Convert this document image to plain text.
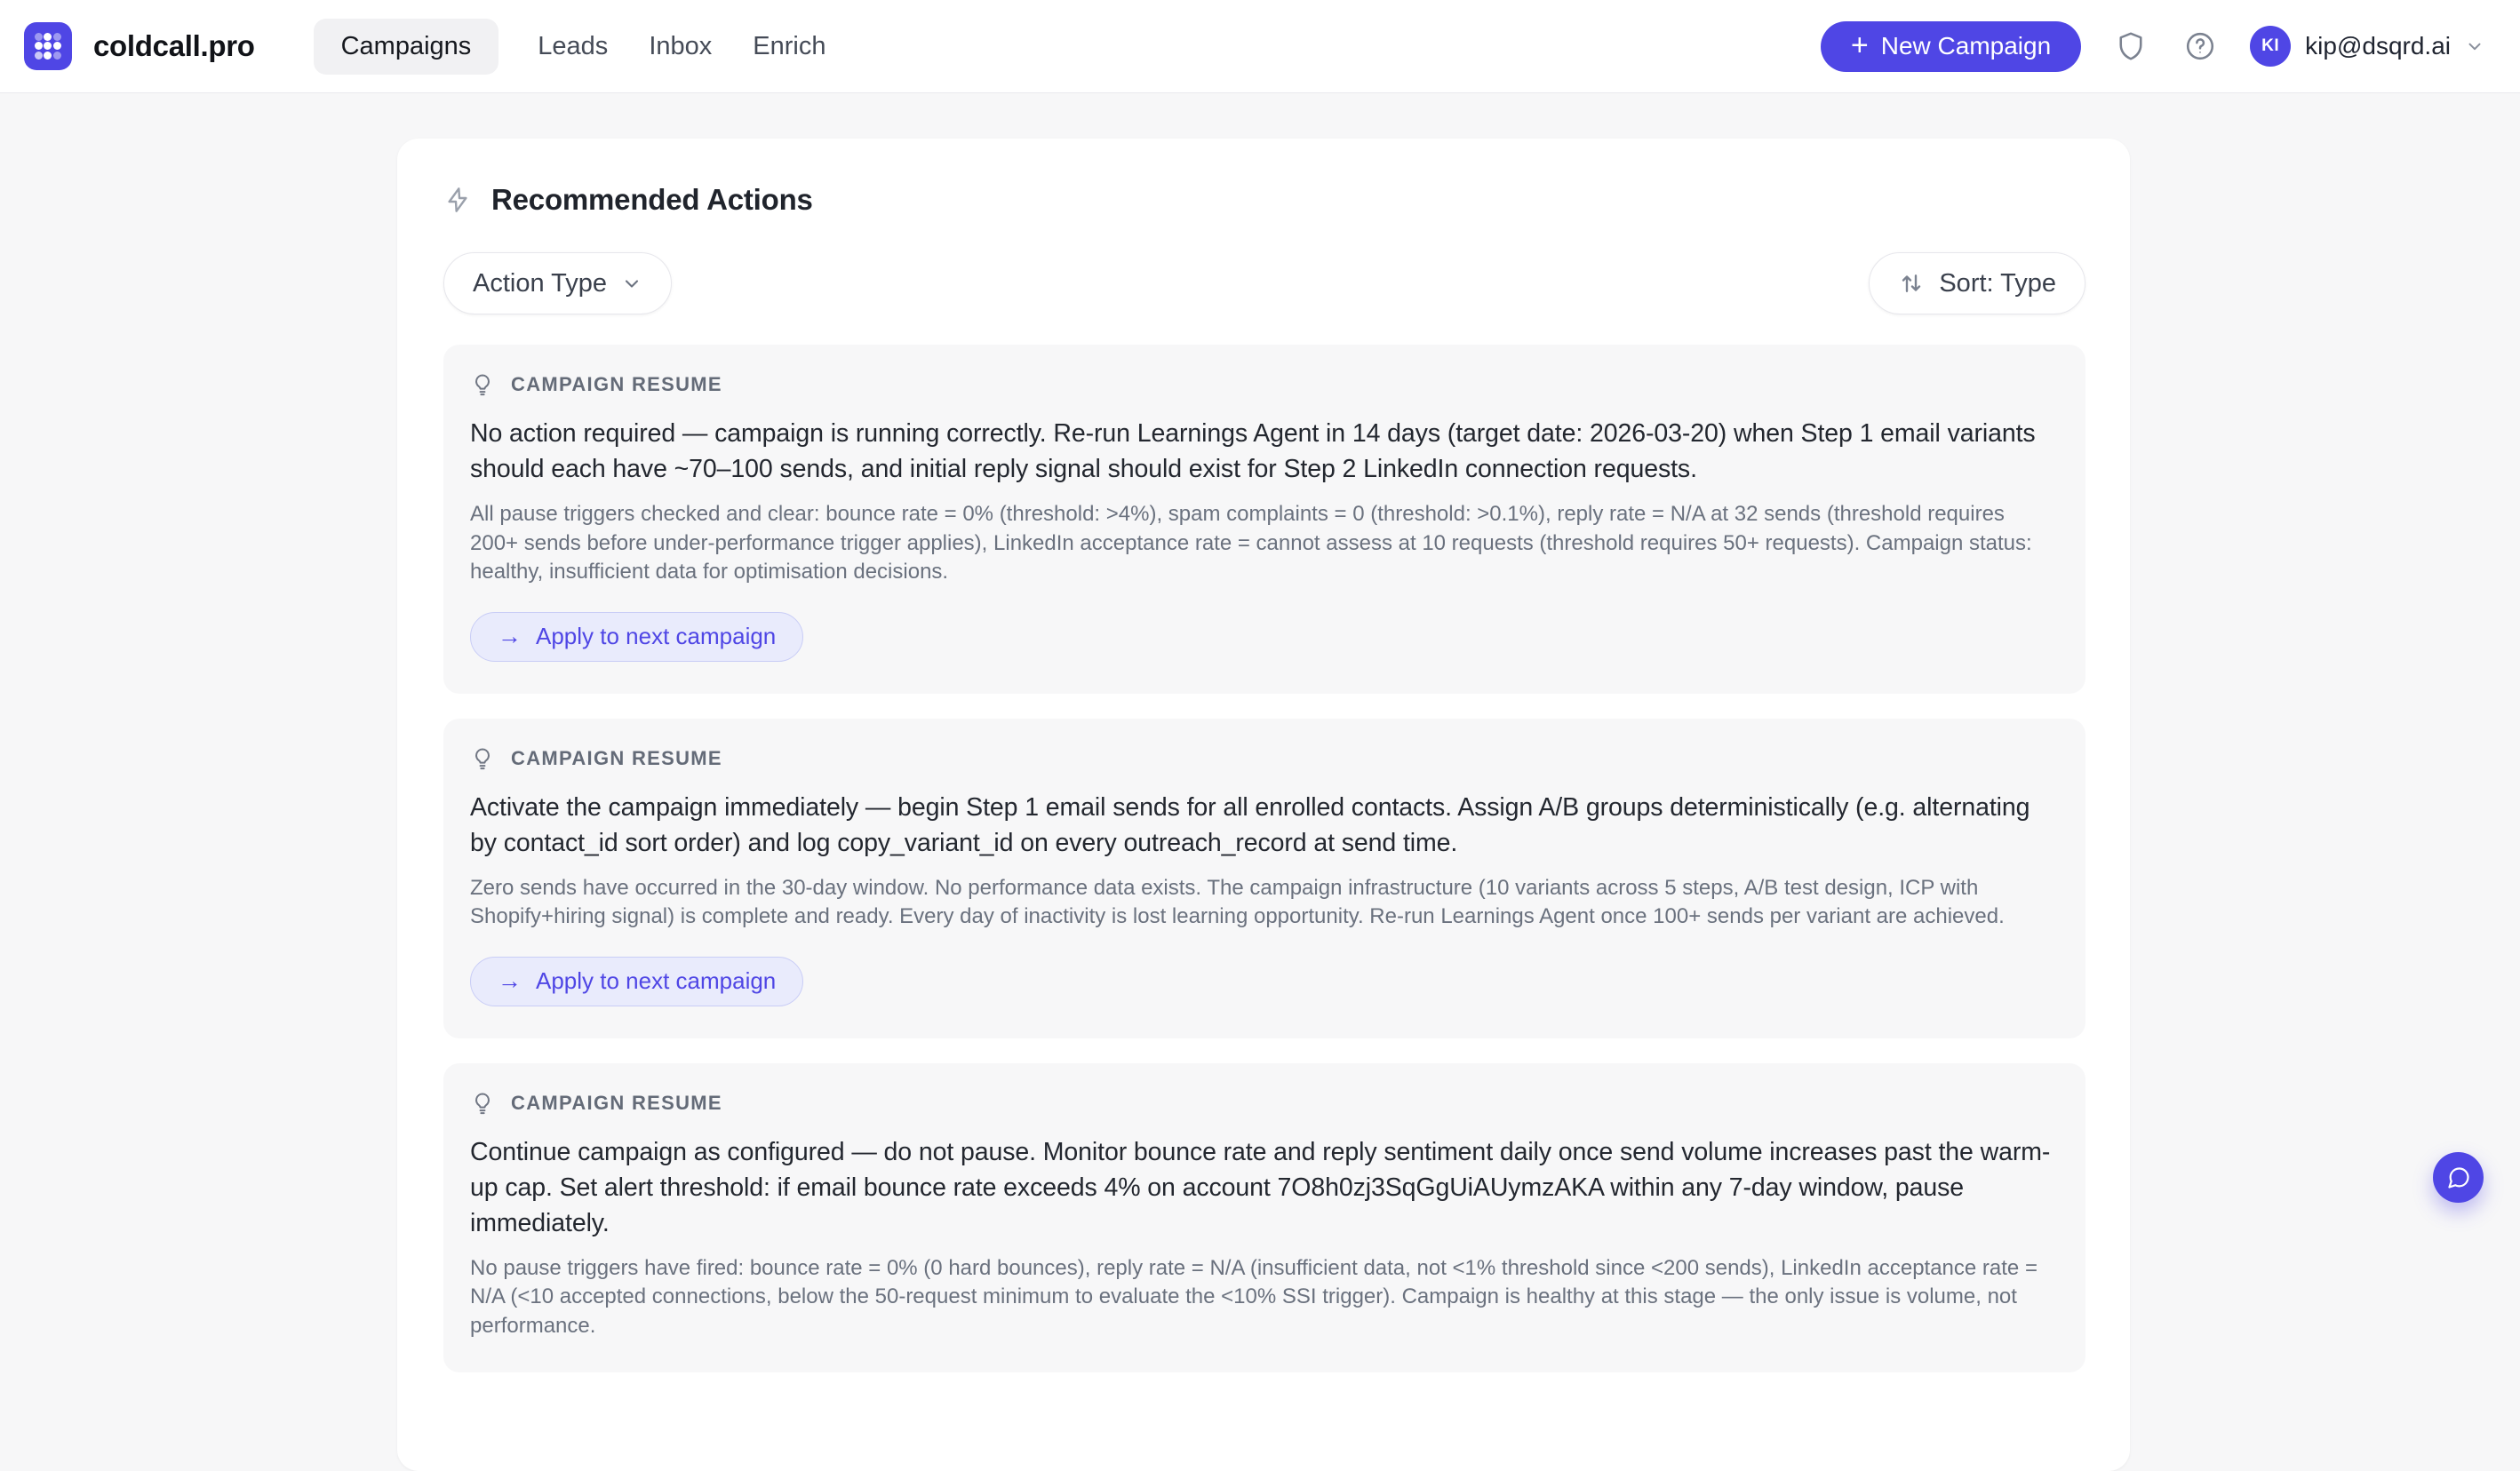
coldcall.pro	Campaigns	Leads Inbox Enrich	+ New Campaign	KI	kip@dsqrd.ai
Recommended Actions
Action Type	Sort: Type
CAMPAIGN RESUME

No action required — campaign is running correctly. Re-run Learnings Agent in 14 days (target date: 2026-03-20) when Step 1 email variants should each have ~70–100 sends, and initial reply signal should exist for Step 2 LinkedIn connection requests.

All pause triggers checked and clear: bounce rate = 0% (threshold: >4%), spam complaints = 0 (threshold: >0.1%), reply rate = N/A at 32 sends (threshold requires 200+ sends before under-performance trigger applies), LinkedIn acceptance rate = cannot assess at 10 requests (threshold requires 50+ requests). Campaign status: healthy, insufficient data for optimisation decisions.

→ Apply to next campaign
CAMPAIGN RESUME

Activate the campaign immediately — begin Step 1 email sends for all enrolled contacts. Assign A/B groups deterministically (e.g. alternating by contact_id sort order) and log copy_variant_id on every outreach_record at send time.

Zero sends have occurred in the 30-day window. No performance data exists. The campaign infrastructure (10 variants across 5 steps, A/B test design, ICP with Shopify+hiring signal) is complete and ready. Every day of inactivity is lost learning opportunity. Re-run Learnings Agent once 100+ sends per variant are achieved.

→ Apply to next campaign
CAMPAIGN RESUME

Continue campaign as configured — do not pause. Monitor bounce rate and reply sentiment daily once send volume increases past the warm-up cap. Set alert threshold: if email bounce rate exceeds 4% on account 7O8h0zj3SqGgUiAUymzAKA within any 7-day window, pause immediately.

No pause triggers have fired: bounce rate = 0% (0 hard bounces), reply rate = N/A (insufficient data, not <1% threshold since <200 sends), LinkedIn acceptance rate = N/A (<10 accepted connections, below the 50-request minimum to evaluate the <10% SSI trigger). Campaign is healthy at this stage — the only issue is volume, not performance.
